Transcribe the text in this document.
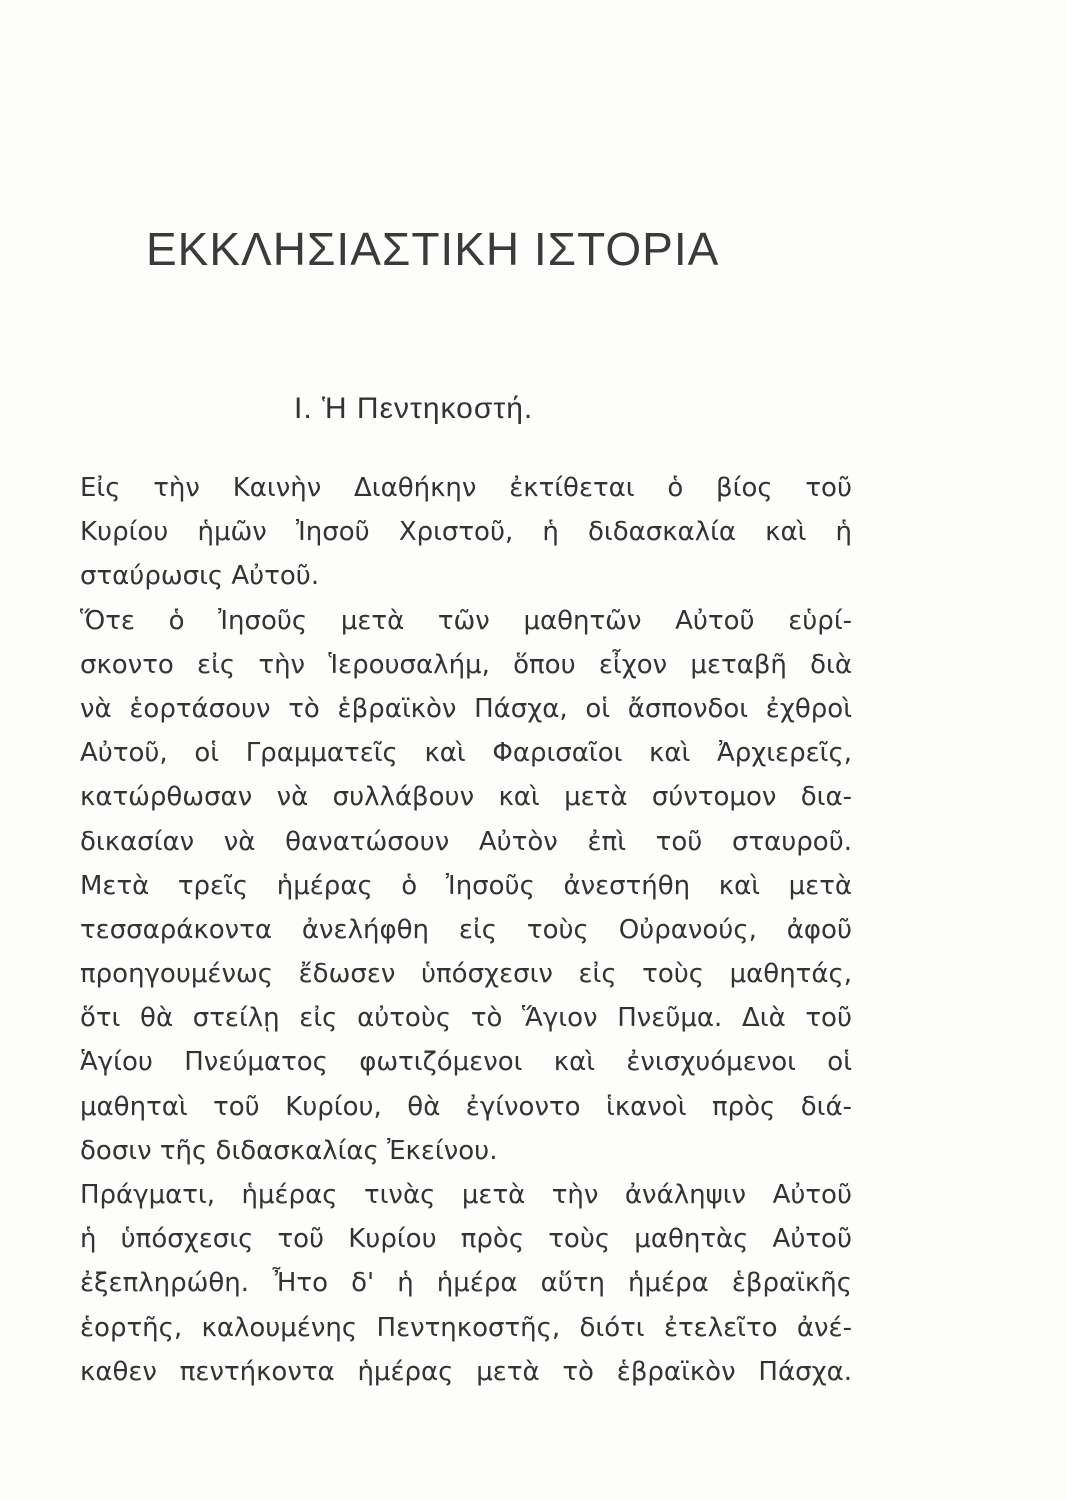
ΕΚΚΛΗΣΙΑΣΤΙΚΗ ΙΣΤΟΡΙΑ
Ι. Ἡ Πεντηκοστή.
Εἰς τὴν Καινὴν Διαθήκην ἐκτίθεται ὁ βίος τοῦ
Κυρίου ἡμῶν Ἰησοῦ Χριστοῦ, ἡ διδασκαλία καὶ ἡ
σταύρωσις Αὐτοῦ.
Ὅτε ὁ Ἰησοῦς μετὰ τῶν μαθητῶν Αὐτοῦ εὑρί-
σκοντο εἰς τὴν Ἱερουσαλήμ, ὅπου εἶχον μεταβῆ διὰ
νὰ ἑορτάσουν τὸ ἑβραϊκὸν Πάσχα, οἱ ἄσπονδοι ἐχθροὶ
Αὐτοῦ, οἱ Γραμματεῖς καὶ Φαρισαῖοι καὶ Ἀρχιερεῖς,
κατώρθωσαν νὰ συλλάβουν καὶ μετὰ σύντομον δια-
δικασίαν νὰ θανατώσουν Αὐτὸν ἐπὶ τοῦ σταυροῦ.
Μετὰ τρεῖς ἡμέρας ὁ Ἰησοῦς ἀνεστήθη καὶ μετὰ
τεσσαράκοντα ἀνελήφθη εἰς τοὺς Οὐρανούς, ἀφοῦ
προηγουμένως ἔδωσεν ὑπόσχεσιν εἰς τοὺς μαθητάς,
ὅτι θὰ στείλῃ εἰς αὐτοὺς τὸ Ἅγιον Πνεῦμα. Διὰ τοῦ
Ἁγίου Πνεύματος φωτιζόμενοι καὶ ἐνισχυόμενοι οἱ
μαθηταὶ τοῦ Κυρίου, θὰ ἐγίνοντο ἱκανοὶ πρὸς διά-
δοσιν τῆς διδασκαλίας Ἐκείνου.
Πράγματι, ἡμέρας τινὰς μετὰ τὴν ἀνάληψιν Αὐτοῦ
ἡ ὑπόσχεσις τοῦ Κυρίου πρὸς τοὺς μαθητὰς Αὐτοῦ
ἐξεπληρώθη. Ἦτο δ' ἡ ἡμέρα αὕτη ἡμέρα ἑβραϊκῆς
ἑορτῆς, καλουμένης Πεντηκοστῆς, διότι ἐτελεῖτο ἀνέ-
καθεν πεντήκοντα ἡμέρας μετὰ τὸ ἑβραϊκὸν Πάσχα.
